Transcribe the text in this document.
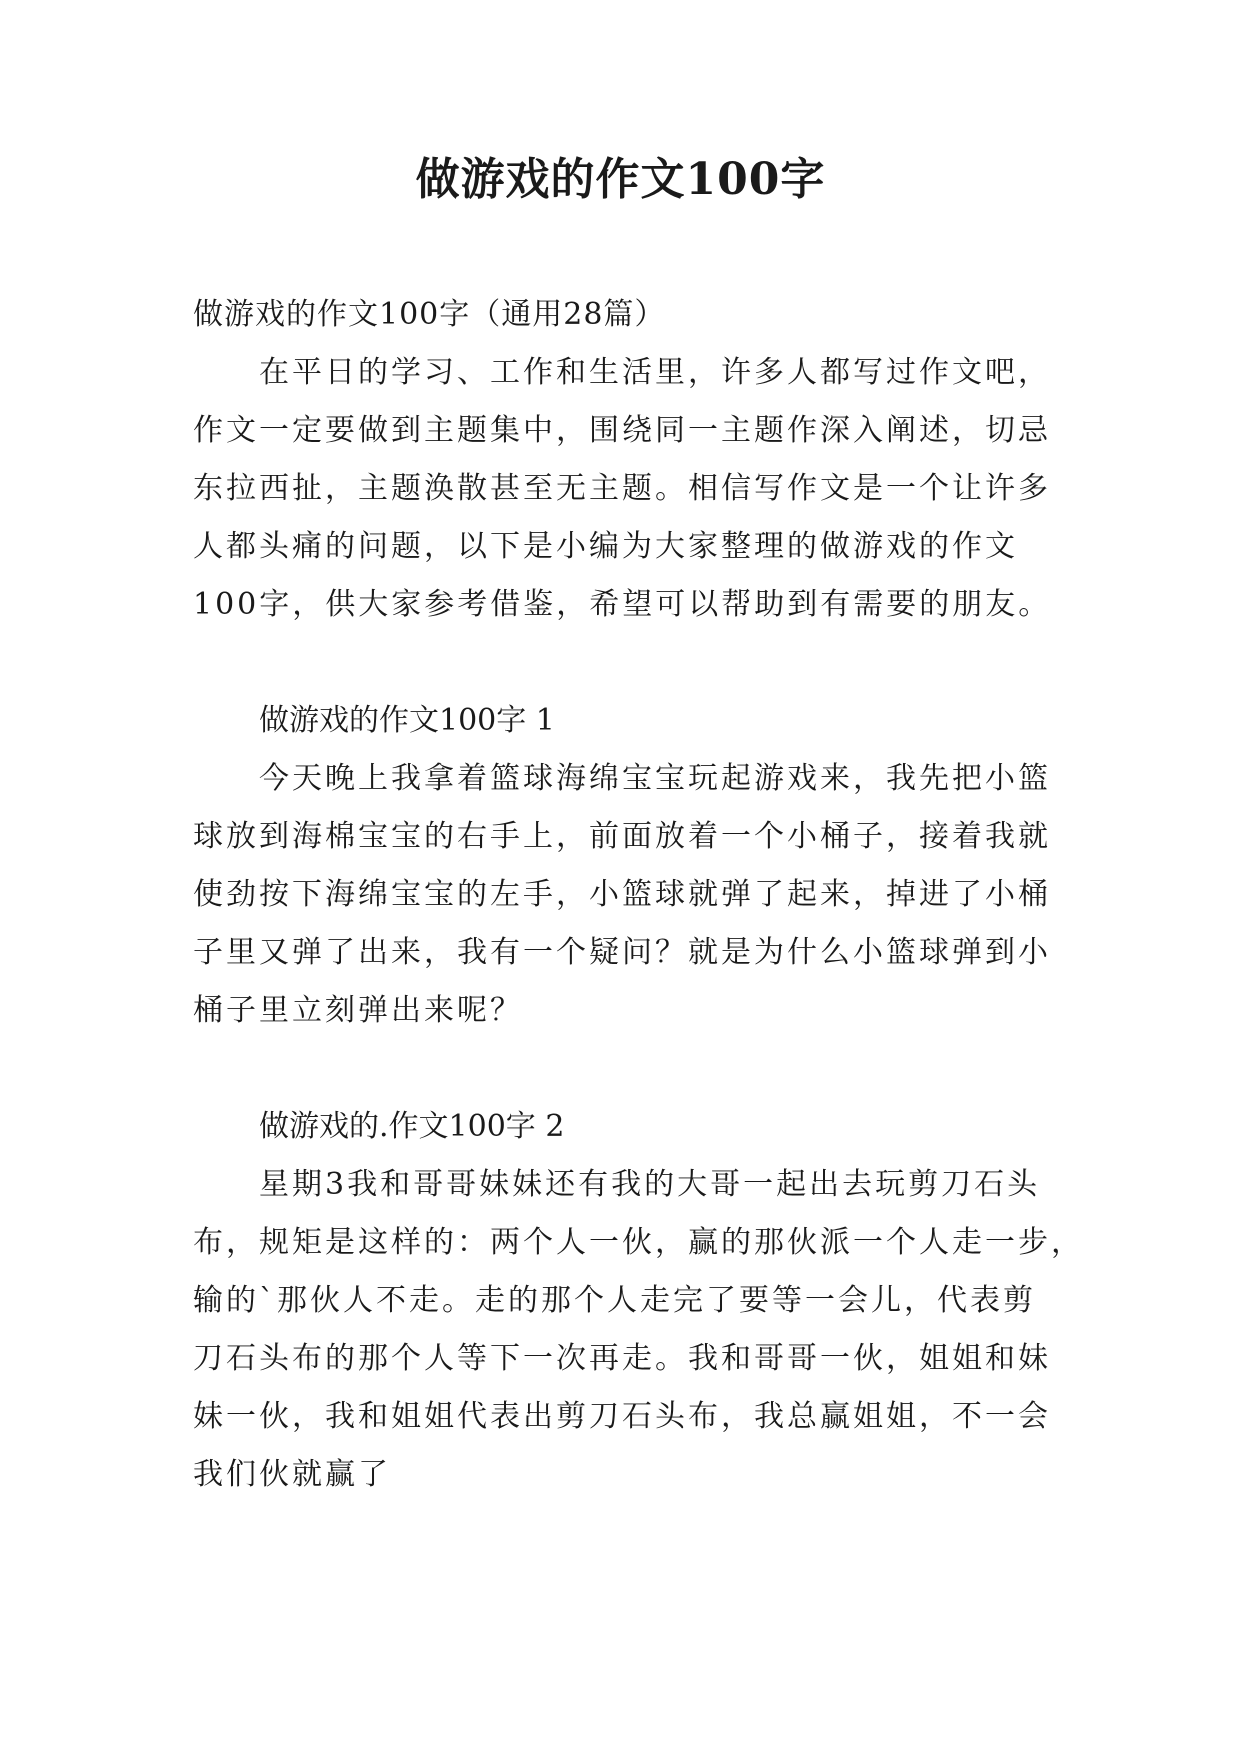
做游戏的作文100字
做游戏的作文100字（通用28篇）
在平日的学习、工作和生活里，许多人都写过作文吧，
作文一定要做到主题集中，围绕同一主题作深入阐述，切忌
东拉西扯，主题涣散甚至无主题。相信写作文是一个让许多
人都头痛的问题，以下是小编为大家整理的做游戏的作文
100字，供大家参考借鉴，希望可以帮助到有需要的朋友。
做游戏的作文100字 1
今天晚上我拿着篮球海绵宝宝玩起游戏来，我先把小篮
球放到海棉宝宝的右手上，前面放着一个小桶子，接着我就
使劲按下海绵宝宝的左手，小篮球就弹了起来，掉进了小桶
子里又弹了出来，我有一个疑问？就是为什么小篮球弹到小
桶子里立刻弹出来呢？
做游戏的.作文100字 2
星期3我和哥哥妹妹还有我的大哥一起出去玩剪刀石头
布，规矩是这样的：两个人一伙，赢的那伙派一个人走一步，
输的`那伙人不走。走的那个人走完了要等一会儿，代表剪
刀石头布的那个人等下一次再走。我和哥哥一伙，姐姐和妹
妹一伙，我和姐姐代表出剪刀石头布，我总赢姐姐，不一会
我们伙就赢了
